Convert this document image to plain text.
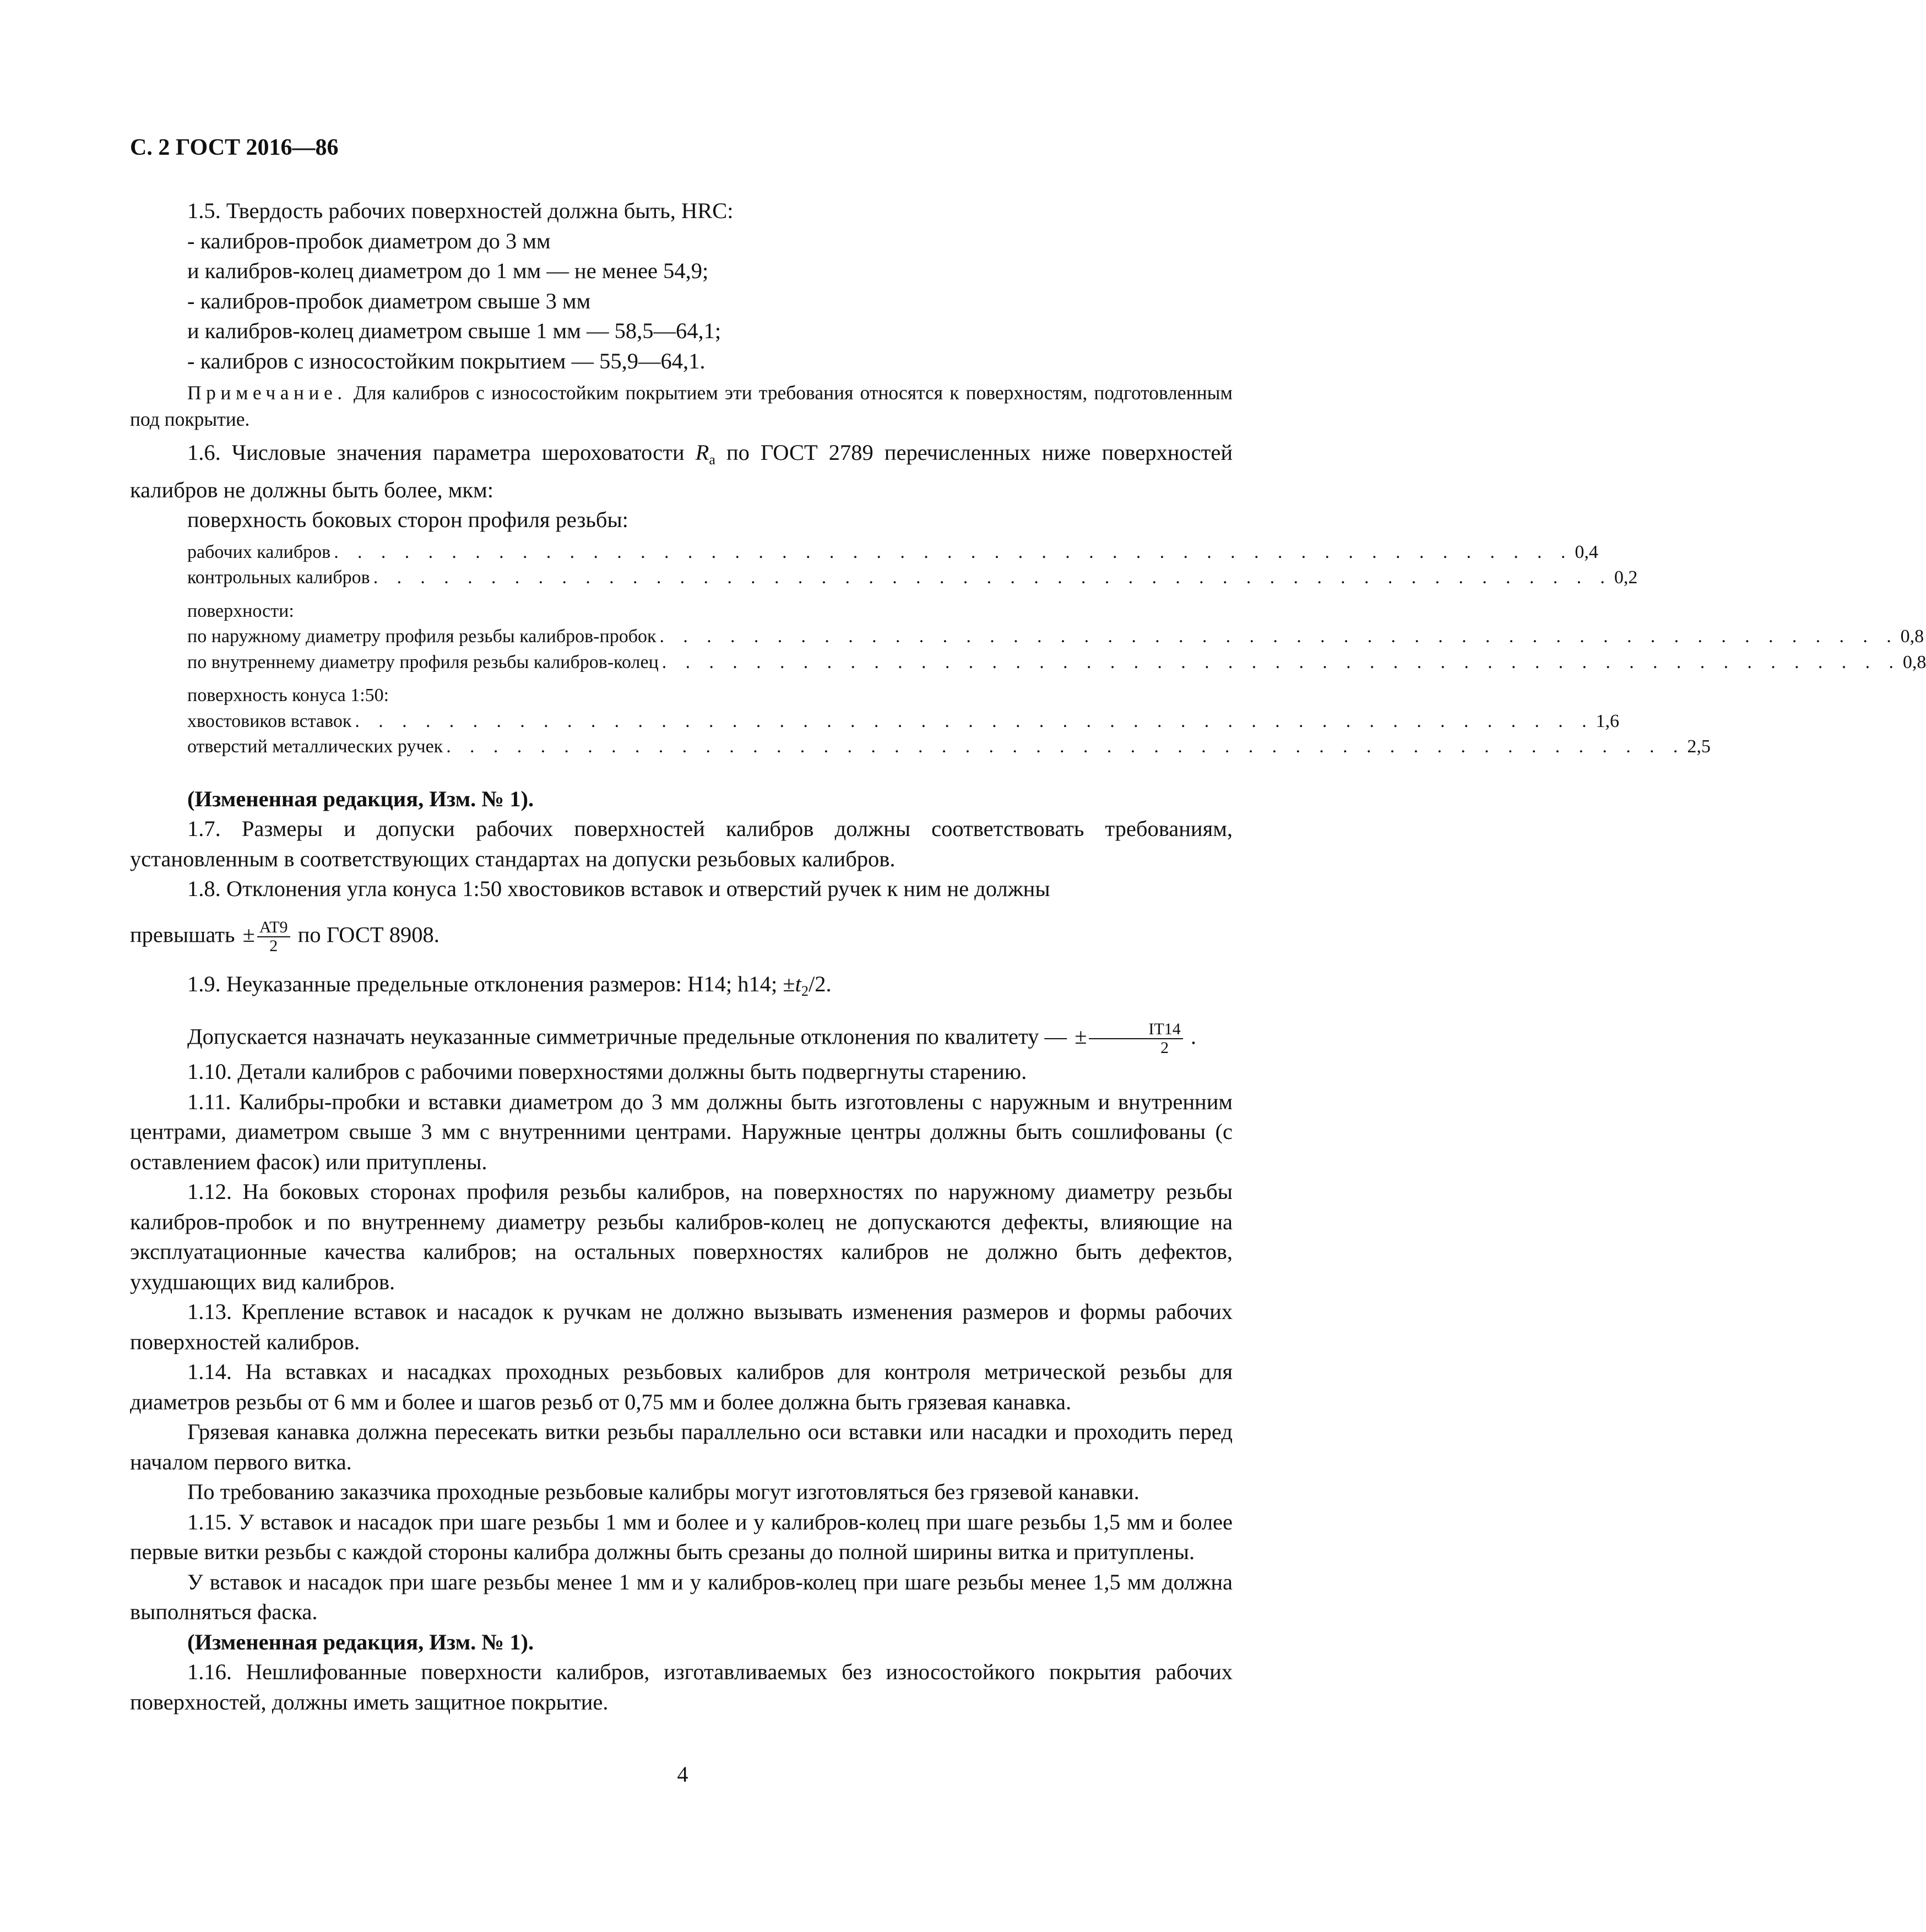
С. 2 ГОСТ 2016—86

1.5. Твердость рабочих поверхностей должна быть, HRC:

- калибров-пробок диаметром до 3 мм

и калибров-колец диаметром до 1 мм — не менее 54,9;

- калибров-пробок диаметром свыше 3 мм

и калибров-колец диаметром свыше 1 мм — 58,5—64,1;

- калибров с износостойким покрытием — 55,9—64,1.

Примечание. Для калибров с износостойким покрытием эти требования относятся к поверхностям, подготовленным под покрытие.

1.6. Числовые значения параметра шероховатости Ra по ГОСТ 2789 перечисленных ниже поверхностей калибров не должны быть более, мкм:

поверхность боковых сторон профиля резьбы:

рабочих калибров . . . . . . . . . . . . . . . . . . . . . . . . . . . . . . . . . . . . . . . . . . . . . . . . . . . . . 0,4
контрольных калибров . . . . . . . . . . . . . . . . . . . . . . . . . . . . . . . . . . . . . . . . . . . . . . . . . . . . . 0,2
поверхности:
по наружному диаметру профиля резьбы калибров-пробок . . . . . . . . . . . . . . . . . . . . . . . . . . . . . . . . . . . . . . . . . . . . . . . . . . . . . 0,8
по внутреннему диаметру профиля резьбы калибров-колец . . . . . . . . . . . . . . . . . . . . . . . . . . . . . . . . . . . . . . . . . . . . . . . . . . . . . 0,8
поверхность конуса 1:50:
хвостовиков вставок . . . . . . . . . . . . . . . . . . . . . . . . . . . . . . . . . . . . . . . . . . . . . . . . . . . . . 1,6
отверстий металлических ручек . . . . . . . . . . . . . . . . . . . . . . . . . . . . . . . . . . . . . . . . . . . . . . . . . . . . . 2,5

(Измененная редакция, Изм. № 1).

1.7. Размеры и допуски рабочих поверхностей калибров должны соответствовать требованиям, установленным в соответствующих стандартах на допуски резьбовых калибров.

1.8. Отклонения угла конуса 1:50 хвостовиков вставок и отверстий ручек к ним не должны

превышать ± $\frac{AT9}{2}$ по ГОСТ 8908.

1.9. Неуказанные предельные отклонения размеров: H14; h14; ±t2/2.

Допускается назначать неуказанные симметричные предельные отклонения по квалитету — ± $\frac{IT14}{2}$ .

1.10. Детали калибров с рабочими поверхностями должны быть подвергнуты старению.

1.11. Калибры-пробки и вставки диаметром до 3 мм должны быть изготовлены с наружным и внутренним центрами, диаметром свыше 3 мм с внутренними центрами. Наружные центры должны быть сошлифованы (с оставлением фасок) или притуплены.

1.12. На боковых сторонах профиля резьбы калибров, на поверхностях по наружному диаметру резьбы калибров-пробок и по внутреннему диаметру резьбы калибров-колец не допускаются дефекты, влияющие на эксплуатационные качества калибров; на остальных поверхностях калибров не должно быть дефектов, ухудшающих вид калибров.

1.13. Крепление вставок и насадок к ручкам не должно вызывать изменения размеров и формы рабочих поверхностей калибров.

1.14. На вставках и насадках проходных резьбовых калибров для контроля метрической резьбы для диаметров резьбы от 6 мм и более и шагов резьб от 0,75 мм и более должна быть грязевая канавка.

Грязевая канавка должна пересекать витки резьбы параллельно оси вставки или насадки и проходить перед началом первого витка.

По требованию заказчика проходные резьбовые калибры могут изготовляться без грязевой канавки.

1.15. У вставок и насадок при шаге резьбы 1 мм и более и у калибров-колец при шаге резьбы 1,5 мм и более первые витки резьбы с каждой стороны калибра должны быть срезаны до полной ширины витка и притуплены.

У вставок и насадок при шаге резьбы менее 1 мм и у калибров-колец при шаге резьбы менее 1,5 мм должна выполняться фаска.

(Измененная редакция, Изм. № 1).

1.16. Нешлифованные поверхности калибров, изготавливаемых без износостойкого покрытия рабочих поверхностей, должны иметь защитное покрытие.

4
